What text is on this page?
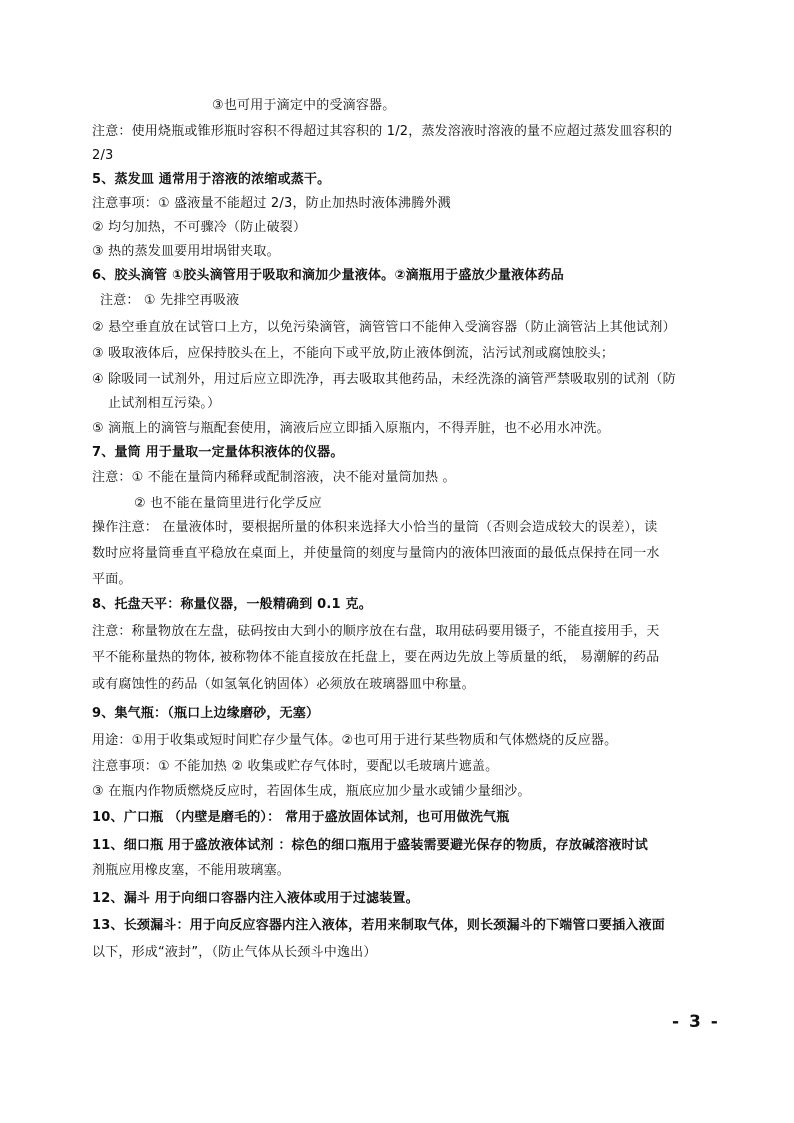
③也可用于滴定中的受滴容器。
注意：使用烧瓶或锥形瓶时容积不得超过其容积的 1/2，蒸发溶液时溶液的量不应超过蒸发皿容积的
2/3
5、蒸发皿 通常用于溶液的浓缩或蒸干。
注意事项：① 盛液量不能超过 2/3，防止加热时液体沸腾外溅
② 均匀加热，不可骤冷（防止破裂）
③ 热的蒸发皿要用坩埚钳夹取。
6、胶头滴管 ①胶头滴管用于吸取和滴加少量液体。②滴瓶用于盛放少量液体药品
注意： ① 先排空再吸液
② 悬空垂直放在试管口上方，以免污染滴管，滴管管口不能伸入受滴容器（防止滴管沾上其他试剂）
③ 吸取液体后，应保持胶头在上，不能向下或平放,防止液体倒流，沾污试剂或腐蚀胶头；
④ 除吸同一试剂外，用过后应立即洗净，再去吸取其他药品，未经洗涤的滴管严禁吸取别的试剂（防
止试剂相互污染。）
⑤ 滴瓶上的滴管与瓶配套使用，滴液后应立即插入原瓶内，不得弄脏，也不必用水冲洗。
7、量筒 用于量取一定量体积液体的仪器。
注意：① 不能在量筒内稀释或配制溶液，决不能对量筒加热 。
② 也不能在量筒里进行化学反应
操作注意： 在量液体时，要根据所量的体积来选择大小恰当的量筒（否则会造成较大的误差），读
数时应将量筒垂直平稳放在桌面上，并使量筒的刻度与量筒内的液体凹液面的最低点保持在同一水
平面。
8、托盘天平：称量仪器，一般精确到 0.1 克。
注意：称量物放在左盘，砝码按由大到小的顺序放在右盘，取用砝码要用镊子，不能直接用手，天
平不能称量热的物体, 被称物体不能直接放在托盘上，要在两边先放上等质量的纸， 易潮解的药品
或有腐蚀性的药品（如氢氧化钠固体）必须放在玻璃器皿中称量。
9、集气瓶：（瓶口上边缘磨砂，无塞）
用途：①用于收集或短时间贮存少量气体。②也可用于进行某些物质和气体燃烧的反应器。
注意事项：① 不能加热 ② 收集或贮存气体时，要配以毛玻璃片遮盖。
③ 在瓶内作物质燃烧反应时，若固体生成，瓶底应加少量水或铺少量细沙。
10、广口瓶 （内壁是磨毛的）： 常用于盛放固体试剂，也可用做洗气瓶
11、细口瓶 用于盛放液体试剂 ：棕色的细口瓶用于盛装需要避光保存的物质，存放碱溶液时试
剂瓶应用橡皮塞，不能用玻璃塞。
12、漏斗 用于向细口容器内注入液体或用于过滤装置。
13、长颈漏斗：用于向反应容器内注入液体，若用来制取气体，则长颈漏斗的下端管口要插入液面
以下，形成“液封”，（防止气体从长颈斗中逸出）
- 3 -
